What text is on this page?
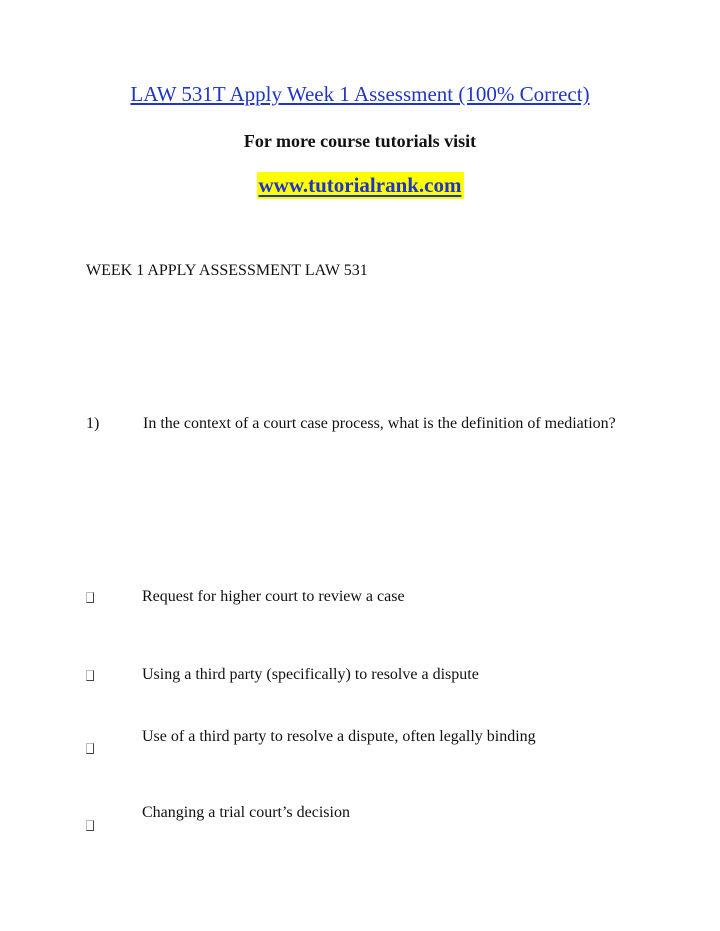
LAW 531T Apply Week 1 Assessment (100% Correct)
For more course tutorials visit
www.tutorialrank.com
WEEK 1 APPLY ASSESSMENT LAW 531
1)	In the context of a court case process, what is the definition of mediation?
Request for higher court to review a case
Using a third party (specifically) to resolve a dispute
Use of a third party to resolve a dispute, often legally binding
Changing a trial court’s decision
